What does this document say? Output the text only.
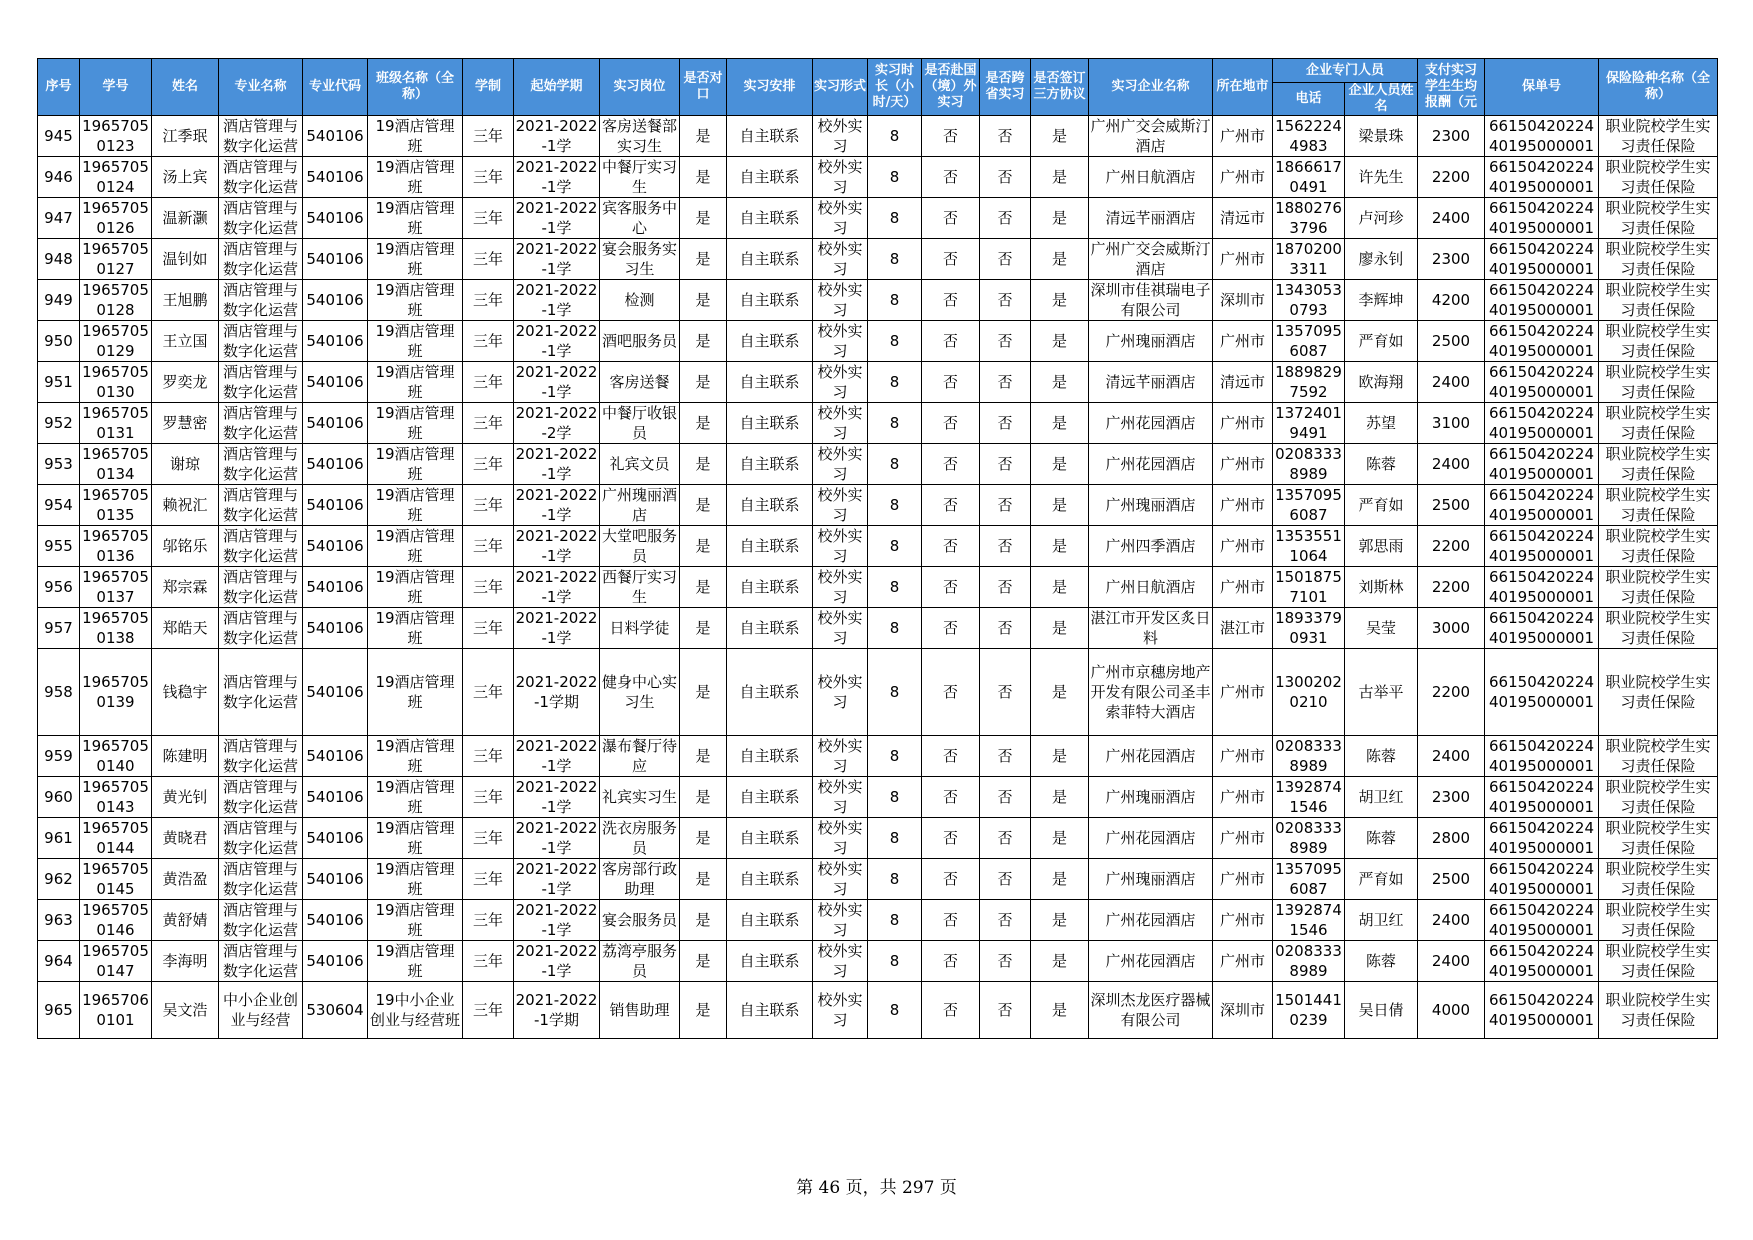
序号	学号	姓名	专业名称	专业代码	班级名称（全称）	学制	起始学期	实习岗位	是否对口	实习安排	实习形式	实习时长（小时/天）	是否赴国（境）外实习	是否跨省实习	是否签订三方协议	实习企业名称	所在地市	企业专门人员		支付实习学生生均报酬（元	保单号	保险险种名称（全称）
																		电话	企业人员姓名			

945	19657050123	江季珉	酒店管理与数字化运营	540106	19酒店管理班	三年	2021-2022-1学	客房送餐部实习生	是	自主联系	校外实习	8	否	否	是	广州广交会威斯汀酒店	广州市	15622244983	梁景珠	2300	6615042022440195000001	职业院校学生实习责任保险

946	19657050124	汤上宾	酒店管理与数字化运营	540106	19酒店管理班	三年	2021-2022-1学	中餐厅实习生	是	自主联系	校外实习	8	否	否	是	广州日航酒店	广州市	18666170491	许先生	2200	6615042022440195000001	职业院校学生实习责任保险

947	19657050126	温新灏	酒店管理与数字化运营	540106	19酒店管理班	三年	2021-2022-1学	宾客服务中心	是	自主联系	校外实习	8	否	否	是	清远芊丽酒店	清远市	18802763796	卢河珍	2400	6615042022440195000001	职业院校学生实习责任保险

948	19657050127	温钊如	酒店管理与数字化运营	540106	19酒店管理班	三年	2021-2022-1学	宴会服务实习生	是	自主联系	校外实习	8	否	否	是	广州广交会威斯汀酒店	广州市	18702003311	廖永钊	2300	6615042022440195000001	职业院校学生实习责任保险

949	19657050128	王旭鹏	酒店管理与数字化运营	540106	19酒店管理班	三年	2021-2022-1学	检测	是	自主联系	校外实习	8	否	否	是	深圳市佳祺瑞电子有限公司	深圳市	13430530793	李辉坤	4200	6615042022440195000001	职业院校学生实习责任保险

950	19657050129	王立国	酒店管理与数字化运营	540106	19酒店管理班	三年	2021-2022-1学	酒吧服务员	是	自主联系	校外实习	8	否	否	是	广州瑰丽酒店	广州市	13570956087	严育如	2500	6615042022440195000001	职业院校学生实习责任保险

951	19657050130	罗奕龙	酒店管理与数字化运营	540106	19酒店管理班	三年	2021-2022-1学	客房送餐	是	自主联系	校外实习	8	否	否	是	清远芊丽酒店	清远市	18898297592	欧海翔	2400	6615042022440195000001	职业院校学生实习责任保险

952	19657050131	罗慧密	酒店管理与数字化运营	540106	19酒店管理班	三年	2021-2022-2学	中餐厅收银员	是	自主联系	校外实习	8	否	否	是	广州花园酒店	广州市	13724019491	苏望	3100	6615042022440195000001	职业院校学生实习责任保险

953	19657050134	谢琼	酒店管理与数字化运营	540106	19酒店管理班	三年	2021-2022-1学	礼宾文员	是	自主联系	校外实习	8	否	否	是	广州花园酒店	广州市	02083338989	陈蓉	2400	6615042022440195000001	职业院校学生实习责任保险

954	19657050135	赖祝汇	酒店管理与数字化运营	540106	19酒店管理班	三年	2021-2022-1学	广州瑰丽酒店	是	自主联系	校外实习	8	否	否	是	广州瑰丽酒店	广州市	13570956087	严育如	2500	6615042022440195000001	职业院校学生实习责任保险

955	19657050136	邬铭乐	酒店管理与数字化运营	540106	19酒店管理班	三年	2021-2022-1学	大堂吧服务员	是	自主联系	校外实习	8	否	否	是	广州四季酒店	广州市	13535511064	郭思雨	2200	6615042022440195000001	职业院校学生实习责任保险

956	19657050137	郑宗霖	酒店管理与数字化运营	540106	19酒店管理班	三年	2021-2022-1学	西餐厅实习生	是	自主联系	校外实习	8	否	否	是	广州日航酒店	广州市	15018757101	刘斯林	2200	6615042022440195000001	职业院校学生实习责任保险

957	19657050138	郑皓天	酒店管理与数字化运营	540106	19酒店管理班	三年	2021-2022-1学	日料学徒	是	自主联系	校外实习	8	否	否	是	湛江市开发区炙日料	湛江市	18933790931	吴莹	3000	6615042022440195000001	职业院校学生实习责任保险

958	19657050139	钱稳宇	酒店管理与数字化运营	540106	19酒店管理班	三年	2021-2022-1学期	健身中心实习生	是	自主联系	校外实习	8	否	否	是	广州市京穗房地产开发有限公司圣丰索菲特大酒店	广州市	13002020210	古举平	2200	6615042022440195000001	职业院校学生实习责任保险

959	19657050140	陈建明	酒店管理与数字化运营	540106	19酒店管理班	三年	2021-2022-1学	瀑布餐厅待应	是	自主联系	校外实习	8	否	否	是	广州花园酒店	广州市	02083338989	陈蓉	2400	6615042022440195000001	职业院校学生实习责任保险

960	19657050143	黄光钊	酒店管理与数字化运营	540106	19酒店管理班	三年	2021-2022-1学	礼宾实习生	是	自主联系	校外实习	8	否	否	是	广州瑰丽酒店	广州市	13928741546	胡卫红	2300	6615042022440195000001	职业院校学生实习责任保险

961	19657050144	黄晓君	酒店管理与数字化运营	540106	19酒店管理班	三年	2021-2022-1学	洗衣房服务员	是	自主联系	校外实习	8	否	否	是	广州花园酒店	广州市	02083338989	陈蓉	2800	6615042022440195000001	职业院校学生实习责任保险

962	19657050145	黄浩盈	酒店管理与数字化运营	540106	19酒店管理班	三年	2021-2022-1学	客房部行政助理	是	自主联系	校外实习	8	否	否	是	广州瑰丽酒店	广州市	13570956087	严育如	2500	6615042022440195000001	职业院校学生实习责任保险

963	19657050146	黄舒婧	酒店管理与数字化运营	540106	19酒店管理班	三年	2021-2022-1学	宴会服务员	是	自主联系	校外实习	8	否	否	是	广州花园酒店	广州市	13928741546	胡卫红	2400	6615042022440195000001	职业院校学生实习责任保险

964	19657050147	李海明	酒店管理与数字化运营	540106	19酒店管理班	三年	2021-2022-1学	荔湾亭服务员	是	自主联系	校外实习	8	否	否	是	广州花园酒店	广州市	02083338989	陈蓉	2400	6615042022440195000001	职业院校学生实习责任保险

965	19657060101	吴文浩	中小企业创业与经营	530604	19中小企业创业与经营班	三年	2021-2022-1学期	销售助理	是	自主联系	校外实习	8	否	否	是	深圳杰龙医疗器械有限公司	深圳市	15014410239	吴日倩	4000	6615042022440195000001	职业院校学生实习责任保险
第 46 页，共 297 页
